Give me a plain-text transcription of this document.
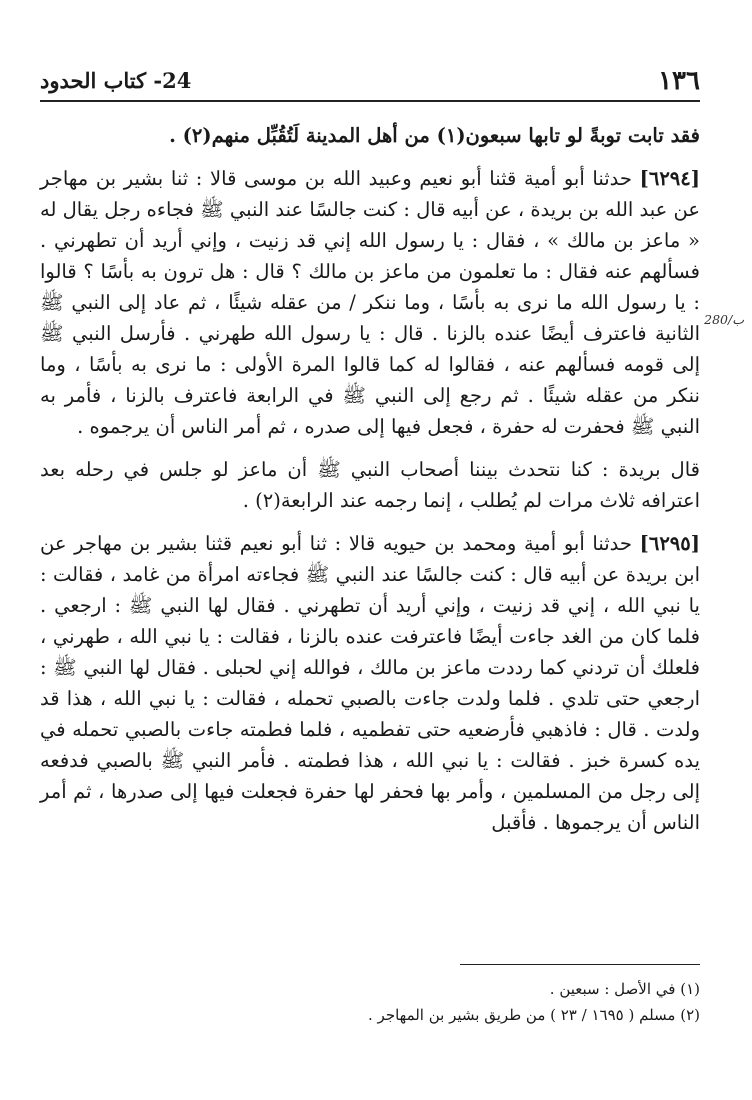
١٣٦
24- كتاب الحدود
280/ب

فقد تابت توبةً لو تابها سبعون(١) من أهل المدينة لَتُقُبِّل منهم(٢) .

[٦٢٩٤] حدثنا أبو أمية قثنا أبو نعيم وعبيد الله بن موسى قالا : ثنا بشير بن مهاجر عن عبد الله بن بريدة ، عن أبيه قال : كنت جالسًا عند النبي ﷺ فجاءه رجل يقال له « ماعز بن مالك » ، فقال : يا رسول الله إني قد زنيت ، وإني أريد أن تطهرني . فسألهم عنه فقال : ما تعلمون من ماعز بن مالك ؟ قال : هل ترون به بأسًا ؟ قالوا : يا رسول الله ما نرى به بأسًا ، وما ننكر / من عقله شيئًا ، ثم عاد إلى النبي ﷺ الثانية فاعترف أيضًا عنده بالزنا . قال : يا رسول الله طهرني . فأرسل النبي ﷺ إلى قومه فسألهم عنه ، فقالوا له كما قالوا المرة الأولى : ما نرى به بأسًا ، وما ننكر من عقله شيئًا . ثم رجع إلى النبي ﷺ في الرابعة فاعترف بالزنا ، فأمر به النبي ﷺ فحفرت له حفرة ، فجعل فيها إلى صدره ، ثم أمر الناس أن يرجموه .

قال بريدة : كنا نتحدث بيننا أصحاب النبي ﷺ أن ماعز لو جلس في رحله بعد اعترافه ثلاث مرات لم يُطلب ، إنما رجمه عند الرابعة(٢) .

[٦٢٩٥] حدثنا أبو أمية ومحمد بن حيويه قالا : ثنا أبو نعيم قثنا بشير بن مهاجر عن ابن بريدة عن أبيه قال : كنت جالسًا عند النبي ﷺ فجاءته امرأة من غامد ، فقالت : يا نبي الله ، إني قد زنيت ، وإني أريد أن تطهرني . فقال لها النبي ﷺ : ارجعي . فلما كان من الغد جاءت أيضًا فاعترفت عنده بالزنا ، فقالت : يا نبي الله ، طهرني ، فلعلك أن تردني كما رددت ماعز بن مالك ، فوالله إني لحبلى . فقال لها النبي ﷺ : ارجعي حتى تلدي . فلما ولدت جاءت بالصبي تحمله ، فقالت : يا نبي الله ، هذا قد ولدت . قال : فاذهبي فأرضعيه حتى تفطميه ، فلما فطمته جاءت بالصبي تحمله في يده كسرة خبز . فقالت : يا نبي الله ، هذا فطمته . فأمر النبي ﷺ بالصبي فدفعه إلى رجل من المسلمين ، وأمر بها فحفر لها حفرة فجعلت فيها إلى صدرها ، ثم أمر الناس أن يرجموها . فأقبل

(١) في الأصل : سبعين .
(٢) مسلم ( ١٦٩٥ / ٢٣ ) من طريق بشير بن المهاجر .
